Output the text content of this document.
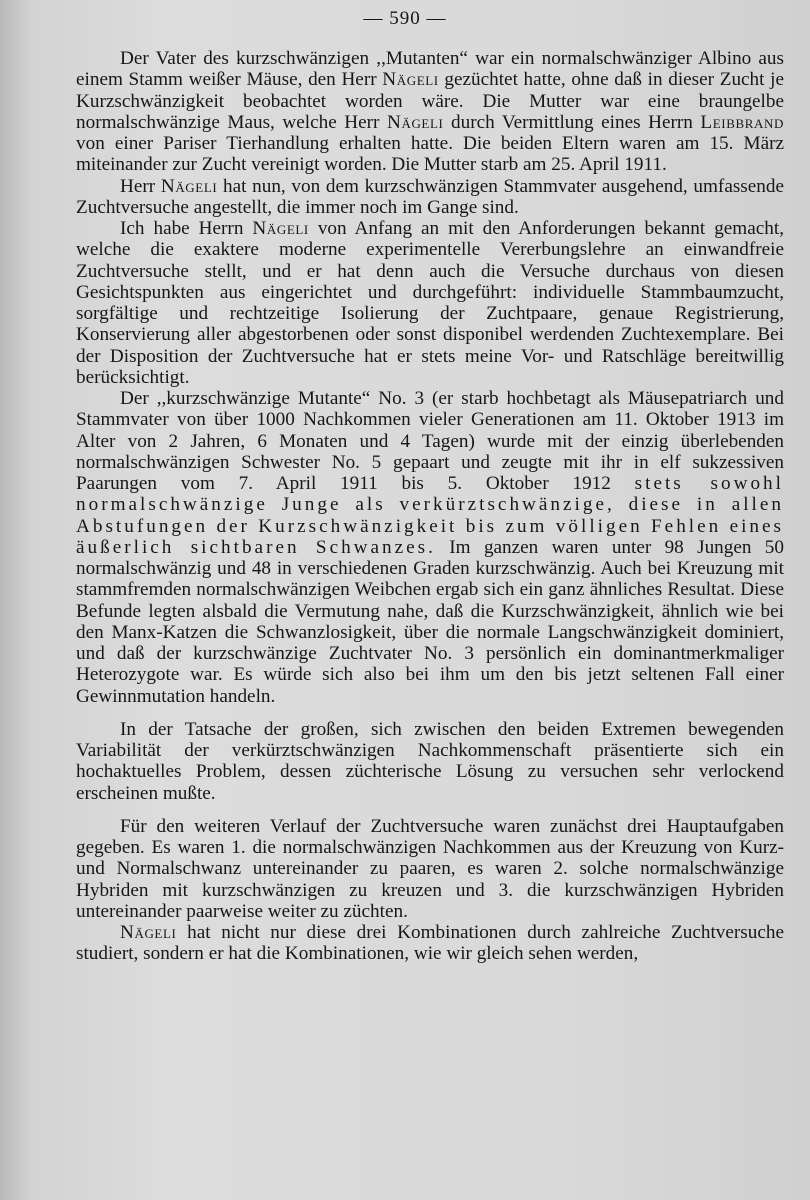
— 590 —

Der Vater des kurzschwänzigen ,,Mutanten“ war ein normalschwänziger Albino aus einem Stamm weißer Mäuse, den Herr Nägeli gezüchtet hatte, ohne daß in dieser Zucht je Kurzschwänzigkeit beobachtet worden wäre. Die Mutter war eine braungelbe normalschwänzige Maus, welche Herr Nägeli durch Vermittlung eines Herrn Leibbrand von einer Pariser Tierhandlung erhalten hatte. Die beiden Eltern waren am 15. März miteinander zur Zucht vereinigt worden. Die Mutter starb am 25. April 1911.

Herr Nägeli hat nun, von dem kurzschwänzigen Stammvater ausgehend, umfassende Zuchtversuche angestellt, die immer noch im Gange sind.

Ich habe Herrn Nägeli von Anfang an mit den Anforderungen bekannt gemacht, welche die exaktere moderne experimentelle Vererbungslehre an einwandfreie Zuchtversuche stellt, und er hat denn auch die Versuche durchaus von diesen Gesichtspunkten aus eingerichtet und durchgeführt: individuelle Stammbaumzucht, sorgfältige und rechtzeitige Isolierung der Zuchtpaare, genaue Registrierung, Konservierung aller abgestorbenen oder sonst disponibel werdenden Zuchtexemplare. Bei der Disposition der Zuchtversuche hat er stets meine Vor- und Ratschläge bereitwillig berücksichtigt.

Der ,,kurzschwänzige Mutante“ No. 3 (er starb hochbetagt als Mäusepatriarch und Stammvater von über 1000 Nachkommen vieler Generationen am 11. Oktober 1913 im Alter von 2 Jahren, 6 Monaten und 4 Tagen) wurde mit der einzig überlebenden normalschwänzigen Schwester No. 5 gepaart und zeugte mit ihr in elf sukzessiven Paarungen vom 7. April 1911 bis 5. Oktober 1912 stets sowohl normalschwänzige Junge als verkürztschwänzige, diese in allen Abstufungen der Kurzschwänzigkeit bis zum völligen Fehlen eines äußerlich sichtbaren Schwanzes. Im ganzen waren unter 98 Jungen 50 normalschwänzig und 48 in verschiedenen Graden kurzschwänzig. Auch bei Kreuzung mit stammfremden normalschwänzigen Weibchen ergab sich ein ganz ähnliches Resultat. Diese Befunde legten alsbald die Vermutung nahe, daß die Kurzschwänzigkeit, ähnlich wie bei den Manx-Katzen die Schwanzlosigkeit, über die normale Langschwänzigkeit dominiert, und daß der kurzschwänzige Zuchtvater No. 3 persönlich ein dominantmerkmaliger Heterozygote war. Es würde sich also bei ihm um den bis jetzt seltenen Fall einer Gewinnmutation handeln.

In der Tatsache der großen, sich zwischen den beiden Extremen bewegenden Variabilität der verkürztschwänzigen Nachkommenschaft präsentierte sich ein hochaktuelles Problem, dessen züchterische Lösung zu versuchen sehr verlockend erscheinen mußte.

Für den weiteren Verlauf der Zuchtversuche waren zunächst drei Hauptaufgaben gegeben. Es waren 1. die normalschwänzigen Nachkommen aus der Kreuzung von Kurz- und Normalschwanz untereinander zu paaren, es waren 2. solche normalschwänzige Hybriden mit kurzschwänzigen zu kreuzen und 3. die kurzschwänzigen Hybriden untereinander paarweise weiter zu züchten.

Nägeli hat nicht nur diese drei Kombinationen durch zahlreiche Zuchtversuche studiert, sondern er hat die Kombinationen, wie wir gleich sehen werden,
